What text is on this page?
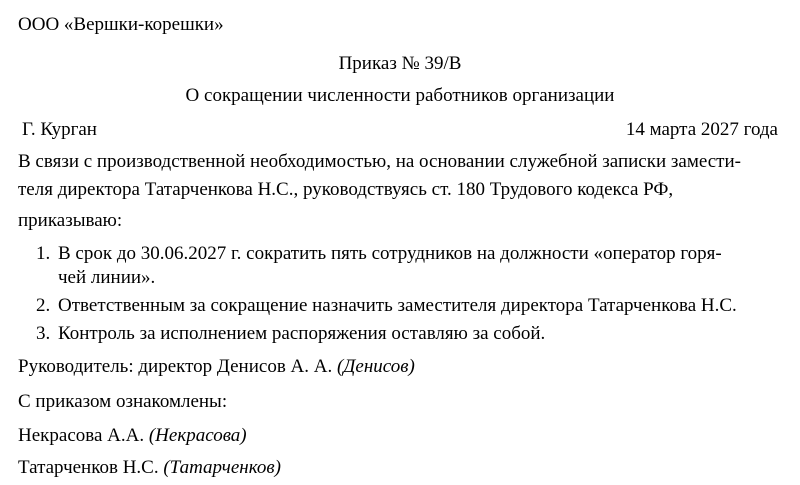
ООО «Вершки-корешки»
Приказ № 39/В
О сокращении численности работников организации
Г. Курган	14 марта 2027 года
В связи с производственной необходимостью, на основании служебной записки замести-
теля директора Татарченкова Н.С., руководствуясь ст. 180 Трудового кодекса РФ,
приказываю:
1. В срок до 30.06.2027 г. сократить пять сотрудников на должности «оператор горя-
чей линии».
2. Ответственным за сокращение назначить заместителя директора Татарченкова Н.С.
3. Контроль за исполнением распоряжения оставляю за собой.
Руководитель: директор Денисов А. А. (Денисов)
С приказом ознакомлены:
Некрасова А.А. (Некрасова)
Татарченков Н.С. (Татарченков)
